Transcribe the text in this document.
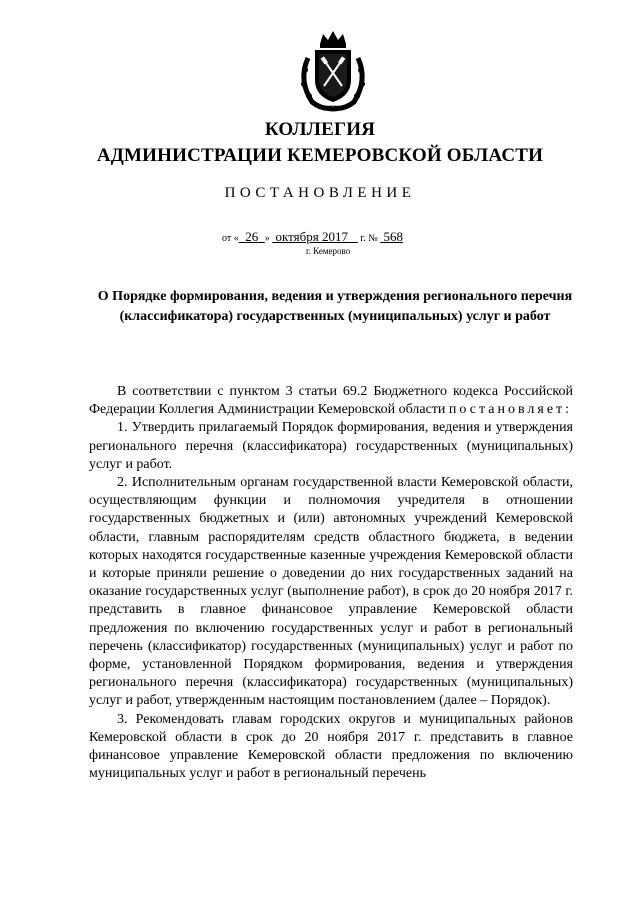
КОЛЛЕГИЯ
АДМИНИСТРАЦИИ КЕМЕРОВСКОЙ ОБЛАСТИ
ПОСТАНОВЛЕНИЕ
от « 26 » октября 2017 г. № 568
г. Кемерово
О Порядке формирования, ведения и утверждения регионального перечня (классификатора) государственных (муниципальных) услуг и работ

В соответствии с пунктом 3 статьи 69.2 Бюджетного кодекса Российской Федерации Коллегия Администрации Кемеровской области постановляет:

1. Утвердить прилагаемый Порядок формирования, ведения и утверждения регионального перечня (классификатора) государственных (муниципальных) услуг и работ.

2. Исполнительным органам государственной власти Кемеровской области, осуществляющим функции и полномочия учредителя в отношении государственных бюджетных и (или) автономных учреждений Кемеровской области, главным распорядителям средств областного бюджета, в ведении которых находятся государственные казенные учреждения Кемеровской области и которые приняли решение о доведении до них государственных заданий на оказание государственных услуг (выполнение работ), в срок до 20 ноября 2017 г. представить в главное финансовое управление Кемеровской области предложения по включению государственных услуг и работ в региональный перечень (классификатор) государственных (муниципальных) услуг и работ по форме, установленной Порядком формирования, ведения и утверждения регионального перечня (классификатора) государственных (муниципальных) услуг и работ, утвержденным настоящим постановлением (далее – Порядок).

3. Рекомендовать главам городских округов и муниципальных районов Кемеровской области в срок до 20 ноября 2017 г. представить в главное финансовое управление Кемеровской области предложения по включению муниципальных услуг и работ в региональный перечень
